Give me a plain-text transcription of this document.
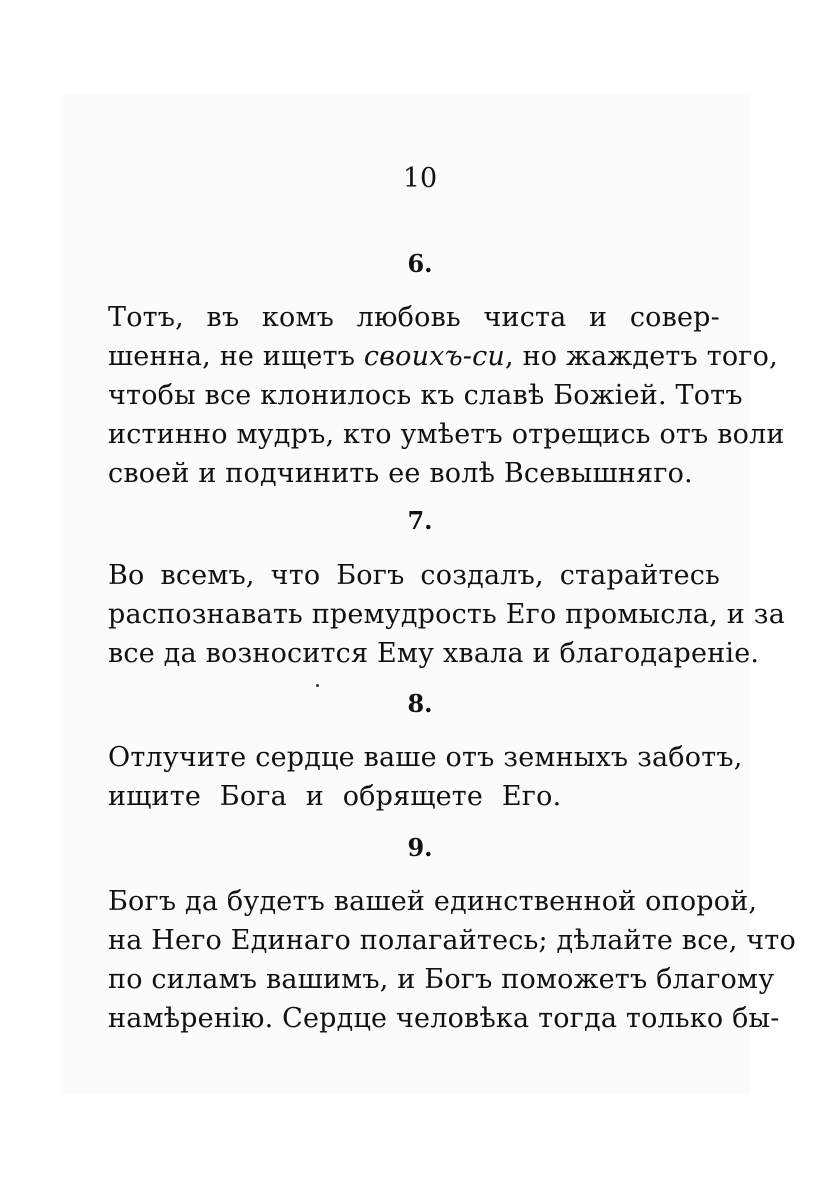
10
6.
Тотъ, въ комъ любовь чиста и совер-
шенна, не ищетъ своихъ-си, но жаждетъ того,
чтобы все клонилось къ славѣ Божіей. Тотъ
истинно мудръ, кто умѣетъ отрещись отъ воли
своей и подчинить ее волѣ Всевышняго.
7.
Во всемъ, что Богъ создалъ, старайтесь
распознавать премудрость Его промысла, и за
все да возносится Ему хвала и благодареніе.
8.
Отлучите сердце ваше отъ земныхъ заботъ,
ищите Бога и обрящете Его.
9.
Богъ да будетъ вашей единственной опорой,
на Него Единаго полагайтесь; дѣлайте все, что
по силамъ вашимъ, и Богъ поможетъ благому
намѣренію. Сердце человѣка тогда только бы-
